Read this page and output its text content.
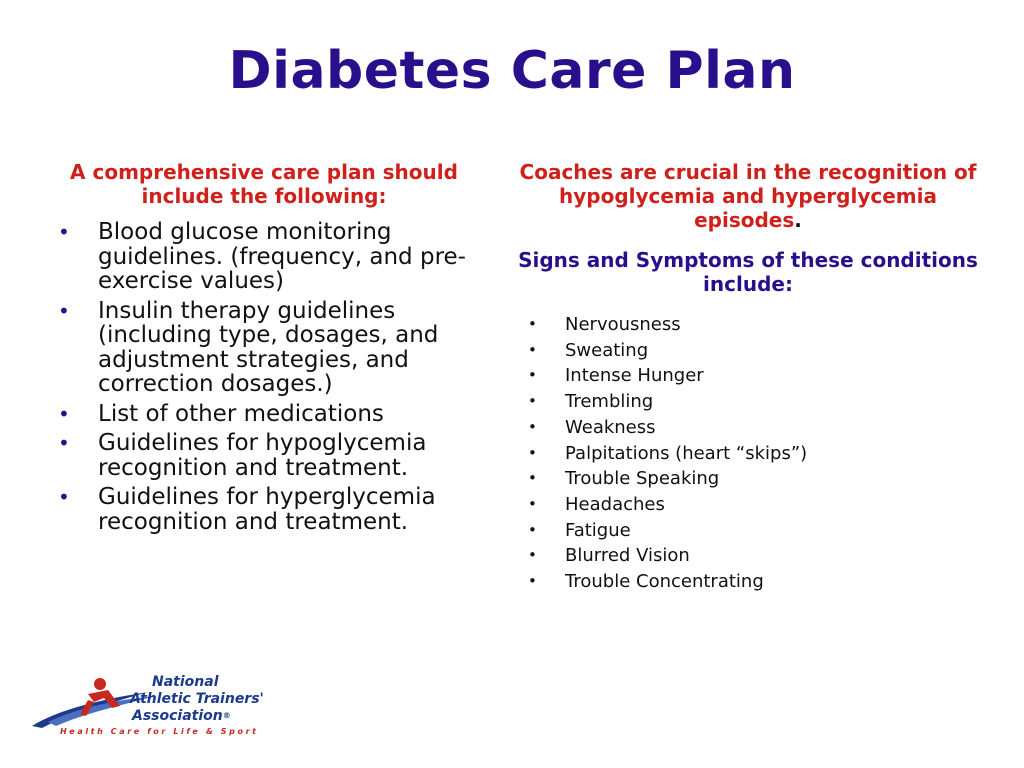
Diabetes Care Plan

A comprehensive care plan should include the following:

• Blood glucose monitoring guidelines. (frequency, and pre-exercise values)
• Insulin therapy guidelines (including type, dosages, and adjustment strategies, and correction dosages.)
• List of other medications
• Guidelines for hypoglycemia recognition and treatment.
• Guidelines for hyperglycemia recognition and treatment.

Coaches are crucial in the recognition of hypoglycemia and hyperglycemia episodes.

Signs and Symptoms of these conditions include:

• Nervousness
• Sweating
• Intense Hunger
• Trembling
• Weakness
• Palpitations (heart “skips”)
• Trouble Speaking
• Headaches
• Fatigue
• Blurred Vision
• Trouble Concentrating
National
Athletic Trainers'
Association®
Health Care for Life & Sport
